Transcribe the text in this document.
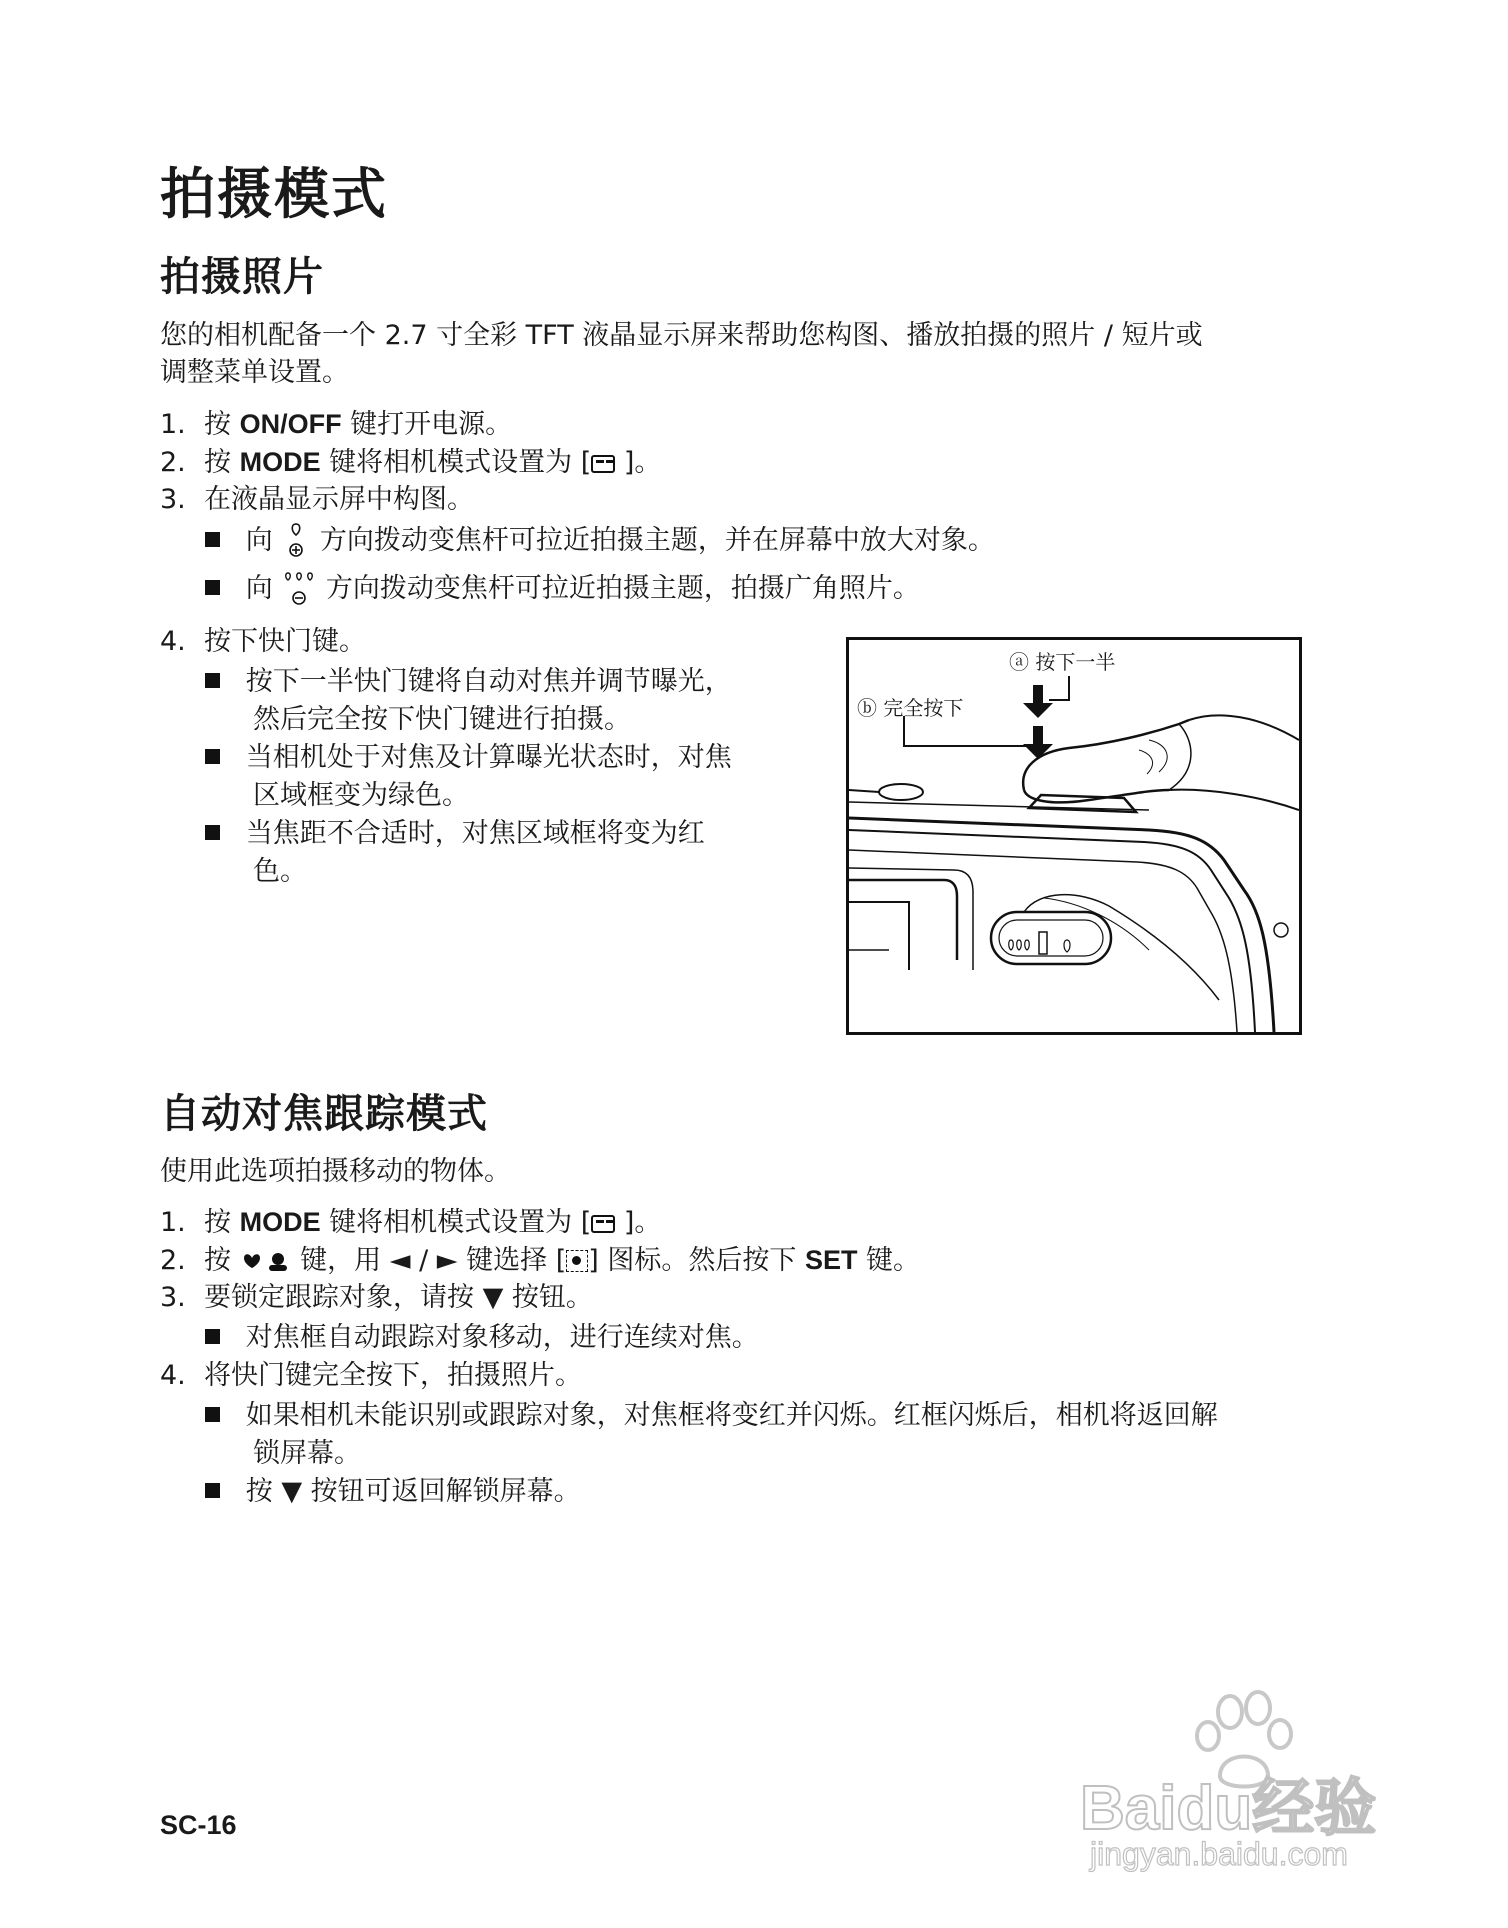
拍摄模式
拍摄照片
您的相机配备一个 2.7 寸全彩 TFT 液晶显示屏来帮助您构图、播放拍摄的照片 / 短片或
调整菜单设置。
1. 按 ON/OFF 键打开电源。
2. 按 MODE 键将相机模式设置为 [ ]。
3. 在液晶显示屏中构图。
向  方向拨动变焦杆可拉近拍摄主题，并在屏幕中放大对象。
向  方向拨动变焦杆可拉近拍摄主题，拍摄广角照片。
4. 按下快门键。
按下一半快门键将自动对焦并调节曝光，
然后完全按下快门键进行拍摄。
当相机处于对焦及计算曝光状态时，对焦
区域框变为绿色。
当焦距不合适时，对焦区域框将变为红
色。
ⓐ 按下一半
ⓑ 完全按下
自动对焦跟踪模式
使用此选项拍摄移动的物体。
1. 按 MODE 键将相机模式设置为 [ ]。
2. 按  键，用 ◄ / ► 键选择 [ ] 图标。然后按下 SET 键。
3. 要锁定跟踪对象，请按 ▼ 按钮。
对焦框自动跟踪对象移动，进行连续对焦。
4. 将快门键完全按下，拍摄照片。
如果相机未能识别或跟踪对象，对焦框将变红并闪烁。红框闪烁后，相机将返回解
锁屏幕。
按 ▼ 按钮可返回解锁屏幕。
SC-16	Baidu经验
jingyan.baidu.com
